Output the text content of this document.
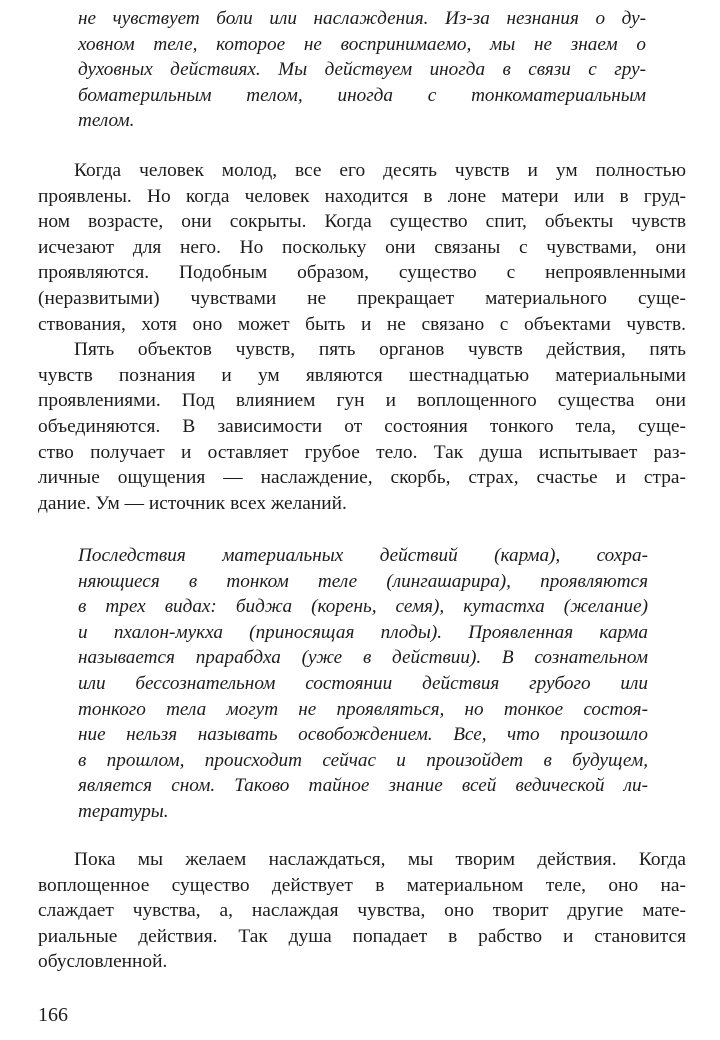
не чувствует боли или наслаждения. Из-за незнания о ду-
ховном теле, которое не воспринимаемо, мы не знаем о
духовных действиях. Мы действуем иногда в связи с гру-
боматерильным телом, иногда с тонкоматериальным
телом.
Когда человек молод, все его десять чувств и ум полностью
проявлены. Но когда человек находится в лоне матери или в груд-
ном возрасте, они сокрыты. Когда существо спит, объекты чувств
исчезают для него. Но поскольку они связаны с чувствами, они
проявляются. Подобным образом, существо с непроявленными
(неразвитыми) чувствами не прекращает материального суще-
ствования, хотя оно может быть и не связано с объектами чувств.
Пять объектов чувств, пять органов чувств действия, пять
чувств познания и ум являются шестнадцатью материальными
проявлениями. Под влиянием гун и воплощенного существа они
объединяются. В зависимости от состояния тонкого тела, суще-
ство получает и оставляет грубое тело. Так душа испытывает раз-
личные ощущения — наслаждение, скорбь, страх, счастье и стра-
дание. Ум — источник всех желаний.
Последствия материальных действий (карма), сохра-
няющиеся в тонком теле (лингашарира), проявляются
в трех видах: биджа (корень, семя), кутастха (желание)
и пхалон-мукха (приносящая плоды). Проявленная карма
называется прарабдха (уже в действии). В сознательном
или бессознательном состоянии действия грубого или
тонкого тела могут не проявляться, но тонкое состоя-
ние нельзя называть освобождением. Все, что произошло
в прошлом, происходит сейчас и произойдет в будущем,
является сном. Таково тайное знание всей ведической ли-
тературы.
Пока мы желаем наслаждаться, мы творим действия. Когда
воплощенное существо действует в материальном теле, оно на-
слаждает чувства, а, наслаждая чувства, оно творит другие мате-
риальные действия. Так душа попадает в рабство и становится
обусловленной.
166
